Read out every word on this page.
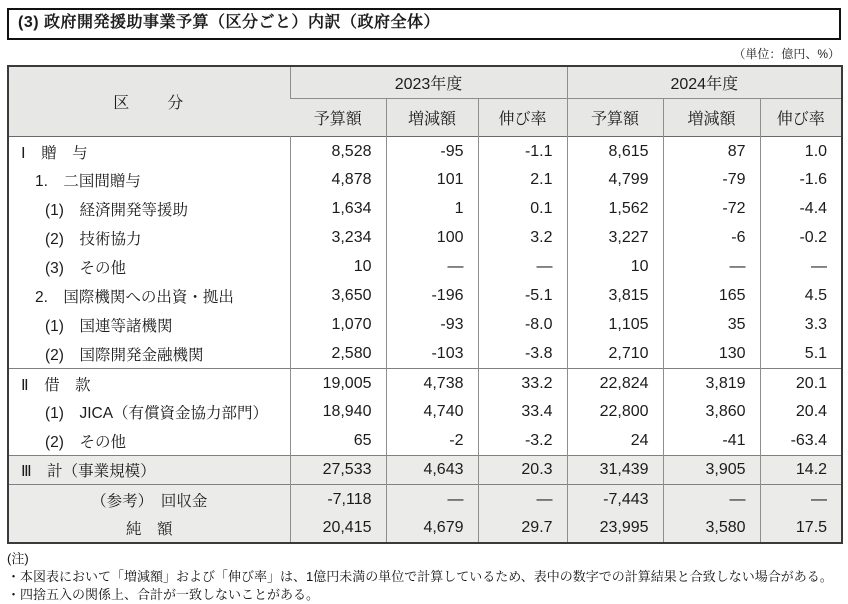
(3) 政府開発援助事業予算（区分ごと）内訳（政府全体）
（単位：億円、%）
区　　分	2023年度			2024年度		
	予算額	増減額	伸び率	予算額	増減額	伸び率
Ⅰ　贈　与	8,528	-95	-1.1	8,615	87	1.0
1.　二国間贈与	4,878	101	2.1	4,799	-79	-1.6
(1)　経済開発等援助	1,634	1	0.1	1,562	-72	-4.4
(2)　技術協力	3,234	100	3.2	3,227	-6	-0.2
(3)　その他	10	―	―	10	―	―
2.　国際機関への出資・拠出	3,650	-196	-5.1	3,815	165	4.5
(1)　国連等諸機関	1,070	-93	-8.0	1,105	35	3.3
(2)　国際開発金融機関	2,580	-103	-3.8	2,710	130	5.1
Ⅱ　借　款	19,005	4,738	33.2	22,824	3,819	20.1
(1)　JICA（有償資金協力部門）	18,940	4,740	33.4	22,800	3,860	20.4
(2)　その他	65	-2	-3.2	24	-41	-63.4
Ⅲ　計（事業規模）	27,533	4,643	20.3	31,439	3,905	14.2
（参考）　回収金	-7,118	―	―	-7,443	―	―
純　額	20,415	4,679	29.7	23,995	3,580	17.5
(注)
・本図表において「増減額」および「伸び率」は、1億円未満の単位で計算しているため、表中の数字での計算結果と合致しない場合がある。
・四捨五入の関係上、合計が一致しないことがある。
